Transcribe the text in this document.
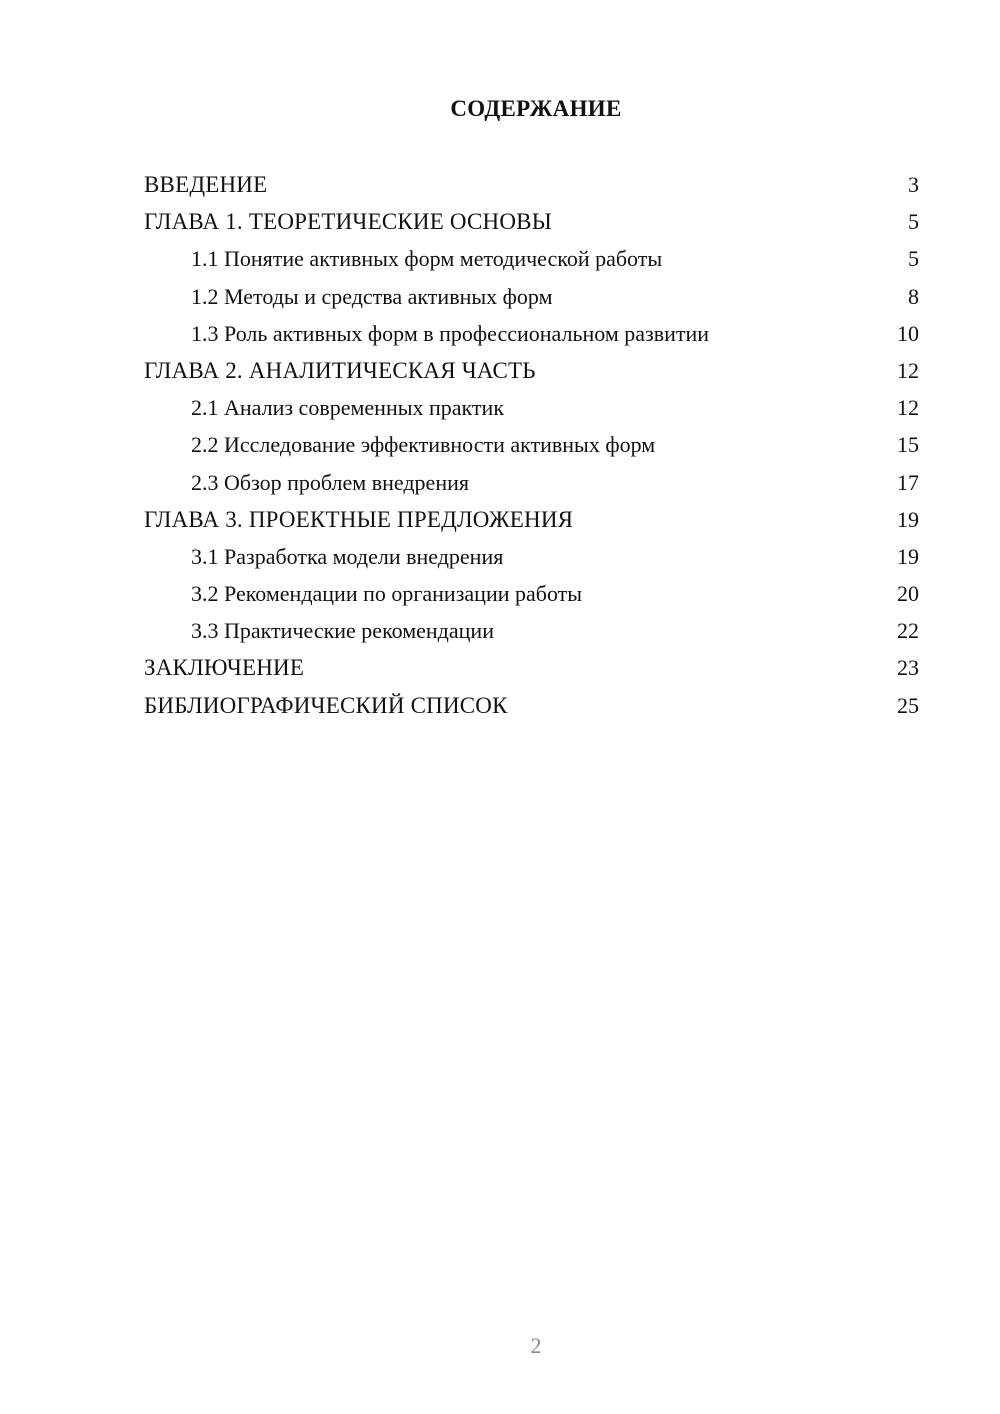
СОДЕРЖАНИЕ
ВВЕДЕНИЕ	3
ГЛАВА 1. ТЕОРЕТИЧЕСКИЕ ОСНОВЫ	5
1.1 Понятие активных форм методической работы	5
1.2 Методы и средства активных форм	8
1.3 Роль активных форм в профессиональном развитии	10
ГЛАВА 2. АНАЛИТИЧЕСКАЯ ЧАСТЬ	12
2.1 Анализ современных практик	12
2.2 Исследование эффективности активных форм	15
2.3 Обзор проблем внедрения	17
ГЛАВА 3. ПРОЕКТНЫЕ ПРЕДЛОЖЕНИЯ	19
3.1 Разработка модели внедрения	19
3.2 Рекомендации по организации работы	20
3.3 Практические рекомендации	22
ЗАКЛЮЧЕНИЕ	23
БИБЛИОГРАФИЧЕСКИЙ СПИСОК	25
2
